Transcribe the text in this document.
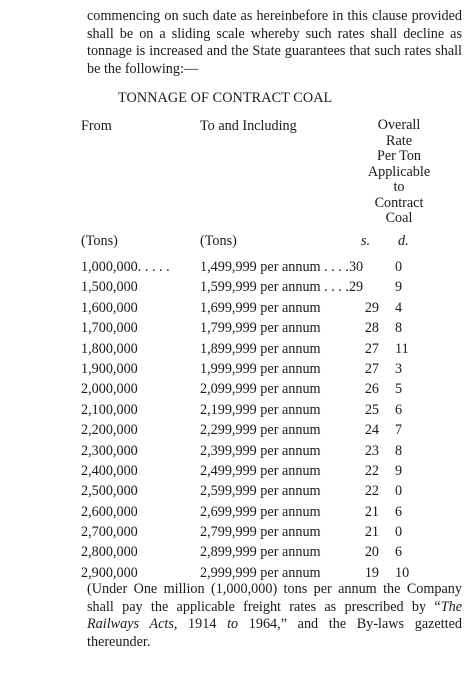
commencing on such date as hereinbefore in this clause provided shall be on a sliding scale whereby such rates shall decline as tonnage is increased and the State guarantees that such rates shall be the following:—
TONNAGE OF CONTRACT COAL
From	To and Including	Overall
Rate
Per Ton
Applicable
to
Contract
Coal
(Tons)	(Tons)	s. d.
1,000,000. . . . . 1,499,999 per annum . . . .30 0
1,500,000	1,599,999 per annum . . . .29 9
1,600,000	1,699,999 per annum	29 4
1,700,000	1,799,999 per annum	28 8
1,800,000	1,899,999 per annum	27 11
1,900,000	1,999,999 per annum	27 3
2,000,000	2,099,999 per annum	26 5
2,100,000	2,199,999 per annum	25 6
2,200,000	2,299,999 per annum	24 7
2,300,000	2,399,999 per annum	23 8
2,400,000	2,499,999 per annum	22 9
2,500,000	2,599,999 per annum	22 0
2,600,000	2,699,999 per annum	21 6
2,700,000	2,799,999 per annum	21 0
2,800,000	2,899,999 per annum	20 6
2,900,000	2,999,999 per annum	19 10
(Under One million (1,000,000) tons per annum the Company shall pay the applicable freight rates as prescribed by “The Railways Acts, 1914 to 1964,” and the By-laws gazetted thereunder.
